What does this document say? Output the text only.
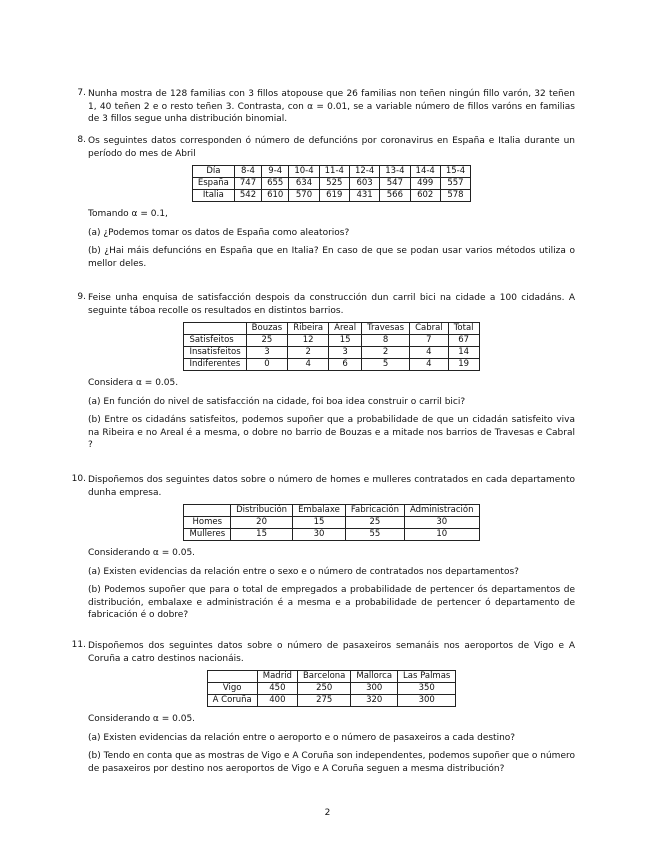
7. Nunha mostra de 128 familias con 3 fillos atopouse que 26 familias non teñen ningún fillo varón, 32 teñen 1, 40 teñen 2 e o resto teñen 3. Contrasta, con α = 0.01, se a variable número de fillos varóns en familias de 3 fillos segue unha distribución binomial.

8. Os seguintes datos corresponden ó número de defuncións por coronavirus en España e Italia durante un período do mes de Abril

Día	8-4	9-4	10-4	11-4	12-4	13-4	14-4	15-4
España	747	655	634	525	603	547	499	557
Italia	542	610	570	619	431	566	602	578

Tomando α = 0.1,

(a) ¿Podemos tomar os datos de España como aleatorios?

(b) ¿Hai máis defuncións en España que en Italia? En caso de que se podan usar varios métodos utiliza o mellor deles.

9. Feise unha enquisa de satisfacción despois da construcción dun carril bici na cidade a 100 cidadáns. A seguinte táboa recolle os resultados en distintos barrios.

	Bouzas	Ribeira	Areal	Travesas	Cabral	Total
Satisfeitos	25	12	15	8	7	67
Insatisfeitos	3	2	3	2	4	14
Indiferentes	0	4	6	5	4	19

Considera α = 0.05.

(a) En función do nivel de satisfacción na cidade, foi boa idea construir o carril bici?

(b) Entre os cidadáns satisfeitos, podemos supoñer que a probabilidade de que un cidadán satisfeito viva na Ribeira e no Areal é a mesma, o dobre no barrio de Bouzas e a mitade nos barrios de Travesas e Cabral ?

10. Dispoñemos dos seguintes datos sobre o número de homes e mulleres contratados en cada departamento dunha empresa.

	Distribución	Embalaxe	Fabricación	Administración
Homes	20	15	25	30
Mulleres	15	30	55	10

Considerando α = 0.05.

(a) Existen evidencias da relación entre o sexo e o número de contratados nos departamentos?

(b) Podemos supoñer que para o total de empregados a probabilidade de pertencer ós departamentos de distribución, embalaxe e administración é a mesma e a probabilidade de pertencer ó departamento de fabricación é o dobre?

11. Dispoñemos dos seguintes datos sobre o número de pasaxeiros semanáis nos aeroportos de Vigo e A Coruña a catro destinos nacionáis.

	Madrid	Barcelona	Mallorca	Las Palmas
Vigo	450	250	300	350
A Coruña	400	275	320	300

Considerando α = 0.05.

(a) Existen evidencias da relación entre o aeroporto e o número de pasaxeiros a cada destino?

(b) Tendo en conta que as mostras de Vigo e A Coruña son independentes, podemos supoñer que o número de pasaxeiros por destino nos aeroportos de Vigo e A Coruña seguen a mesma distribución?

2
